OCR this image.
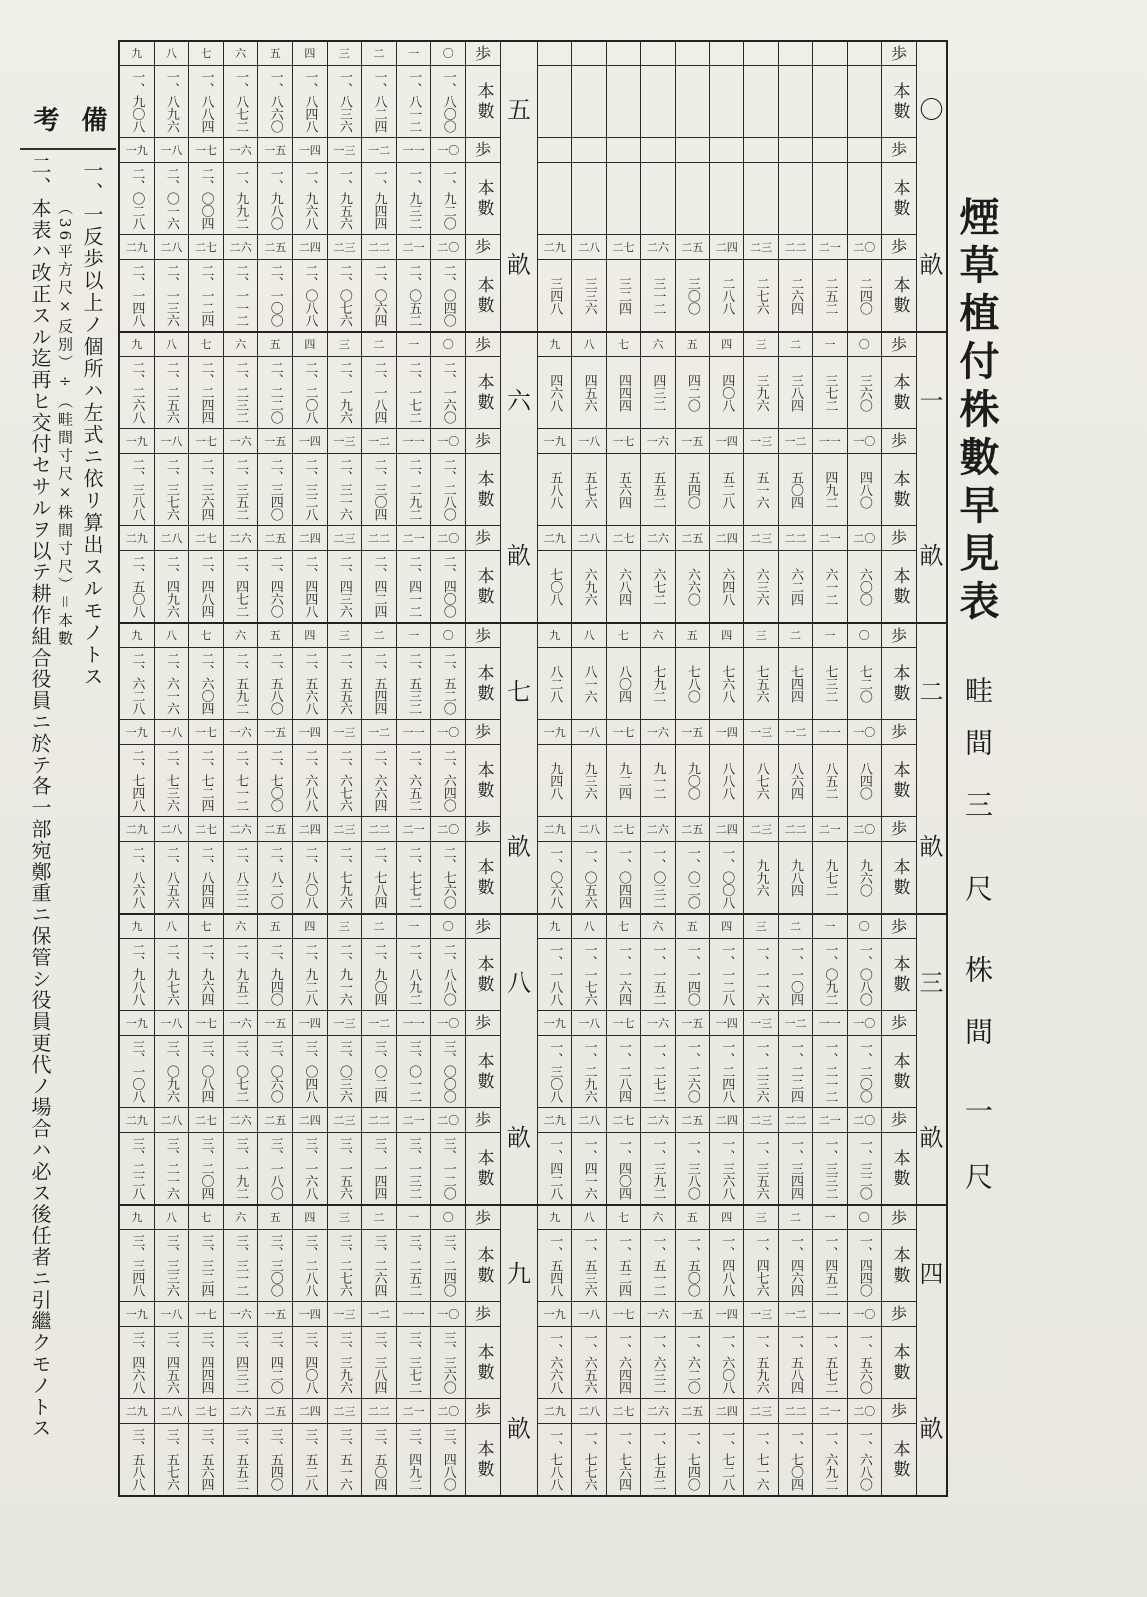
煙草植付株數早見表
畦間
三尺
株間
一尺
〇
畝
歩
本數
歩
本數
歩
二〇
二一
二二
二三
二四
二五
二六
二七
二八
二九
本數
二四〇
二五二
二六四
二七六
二八八
三〇〇
三一二
三二四
三三六
三四八
一
畝
歩
〇
一
二
三
四
五
六
七
八
九
本數
三六〇
三七二
三八四
三九六
四〇八
四二〇
四三二
四四四
四五六
四六八
歩
一〇
一一
一二
一三
一四
一五
一六
一七
一八
一九
本數
四八〇
四九二
五〇四
五一六
五二八
五四〇
五五二
五六四
五七六
五八八
歩
二〇
二一
二二
二三
二四
二五
二六
二七
二八
二九
本數
六〇〇
六一二
六二四
六三六
六四八
六六〇
六七二
六八四
六九六
七〇八
二
畝
歩
〇
一
二
三
四
五
六
七
八
九
本數
七二〇
七三二
七四四
七五六
七六八
七八〇
七九二
八〇四
八一六
八二八
歩
一〇
一一
一二
一三
一四
一五
一六
一七
一八
一九
本數
八四〇
八五二
八六四
八七六
八八八
九〇〇
九一二
九二四
九三六
九四八
歩
二〇
二一
二二
二三
二四
二五
二六
二七
二八
二九
本數
九六〇
九七二
九八四
九九六
一、〇〇八
一、〇二〇
一、〇三二
一、〇四四
一、〇五六
一、〇六八
三
畝
歩
〇
一
二
三
四
五
六
七
八
九
本數
一、〇八〇
一、〇九二
一、一〇四
一、一一六
一、一二八
一、一四〇
一、一五二
一、一六四
一、一七六
一、一八八
歩
一〇
一一
一二
一三
一四
一五
一六
一七
一八
一九
本數
一、二〇〇
一、二一二
一、二二四
一、二三六
一、二四八
一、二六〇
一、二七二
一、二八四
一、二九六
一、三〇八
歩
二〇
二一
二二
二三
二四
二五
二六
二七
二八
二九
本數
一、三二〇
一、三三二
一、三四四
一、三五六
一、三六八
一、三八〇
一、三九二
一、四〇四
一、四一六
一、四二八
四
畝
歩
〇
一
二
三
四
五
六
七
八
九
本數
一、四四〇
一、四五二
一、四六四
一、四七六
一、四八八
一、五〇〇
一、五一二
一、五二四
一、五三六
一、五四八
歩
一〇
一一
一二
一三
一四
一五
一六
一七
一八
一九
本數
一、五六〇
一、五七二
一、五八四
一、五九六
一、六〇八
一、六二〇
一、六三二
一、六四四
一、六五六
一、六六八
歩
二〇
二一
二二
二三
二四
二五
二六
二七
二八
二九
本數
一、六八〇
一、六九二
一、七〇四
一、七一六
一、七二八
一、七四〇
一、七五二
一、七六四
一、七七六
一、七八八
五
畝
歩
〇
一
二
三
四
五
六
七
八
九
本數
一、八〇〇
一、八一二
一、八二四
一、八三六
一、八四八
一、八六〇
一、八七二
一、八八四
一、八九六
一、九〇八
歩
一〇
一一
一二
一三
一四
一五
一六
一七
一八
一九
本數
一、九二〇
一、九三二
一、九四四
一、九五六
一、九六八
一、九八〇
一、九九二
二、〇〇四
二、〇一六
二、〇二八
歩
二〇
二一
二二
二三
二四
二五
二六
二七
二八
二九
本數
二、〇四〇
二、〇五二
二、〇六四
二、〇七六
二、〇八八
二、一〇〇
二、一一二
二、一二四
二、一三六
二、一四八
六
畝
歩
〇
一
二
三
四
五
六
七
八
九
本數
二、一六〇
二、一七二
二、一八四
二、一九六
二、二〇八
二、二二〇
二、二三二
二、二四四
二、二五六
二、二六八
歩
一〇
一一
一二
一三
一四
一五
一六
一七
一八
一九
本數
二、二八〇
二、二九二
二、三〇四
二、三一六
二、三二八
二、三四〇
二、三五二
二、三六四
二、三七六
二、三八八
歩
二〇
二一
二二
二三
二四
二五
二六
二七
二八
二九
本數
二、四〇〇
二、四一二
二、四二四
二、四三六
二、四四八
二、四六〇
二、四七二
二、四八四
二、四九六
二、五〇八
七
畝
歩
〇
一
二
三
四
五
六
七
八
九
本數
二、五二〇
二、五三二
二、五四四
二、五五六
二、五六八
二、五八〇
二、五九二
二、六〇四
二、六一六
二、六二八
歩
一〇
一一
一二
一三
一四
一五
一六
一七
一八
一九
本數
二、六四〇
二、六五二
二、六六四
二、六七六
二、六八八
二、七〇〇
二、七一二
二、七二四
二、七三六
二、七四八
歩
二〇
二一
二二
二三
二四
二五
二六
二七
二八
二九
本數
二、七六〇
二、七七二
二、七八四
二、七九六
二、八〇八
二、八二〇
二、八三二
二、八四四
二、八五六
二、八六八
八
畝
歩
〇
一
二
三
四
五
六
七
八
九
本數
二、八八〇
二、八九二
二、九〇四
二、九一六
二、九二八
二、九四〇
二、九五二
二、九六四
二、九七六
二、九八八
歩
一〇
一一
一二
一三
一四
一五
一六
一七
一八
一九
本數
三、〇〇〇
三、〇一二
三、〇二四
三、〇三六
三、〇四八
三、〇六〇
三、〇七二
三、〇八四
三、〇九六
三、一〇八
歩
二〇
二一
二二
二三
二四
二五
二六
二七
二八
二九
本數
三、一二〇
三、一三二
三、一四四
三、一五六
三、一六八
三、一八〇
三、一九二
三、二〇四
三、二一六
三、二二八
九
畝
歩
〇
一
二
三
四
五
六
七
八
九
本數
三、二四〇
三、二五二
三、二六四
三、二七六
三、二八八
三、三〇〇
三、三一二
三、三二四
三、三三六
三、三四八
歩
一〇
一一
一二
一三
一四
一五
一六
一七
一八
一九
本數
三、三六〇
三、三七二
三、三八四
三、三九六
三、四〇八
三、四二〇
三、四三二
三、四四四
三、四五六
三、四六八
歩
二〇
二一
二二
二三
二四
二五
二六
二七
二八
二九
本數
三、四八〇
三、四九二
三、五〇四
三、五一六
三、五二八
三、五四〇
三、五五二
三、五六四
三、五七六
三、五八八
備考
一、一反歩以上ノ個所ハ左式ニ依リ算出スルモノトス
（36平方尺×反別）÷（畦間寸尺×株間寸尺）＝本數
二、本表ハ改正スル迄再ヒ交付セサルヲ以テ耕作組合役員ニ於テ各一部宛鄭重ニ保管シ役員更代ノ場合ハ必ス後任者ニ引繼クモノトス
